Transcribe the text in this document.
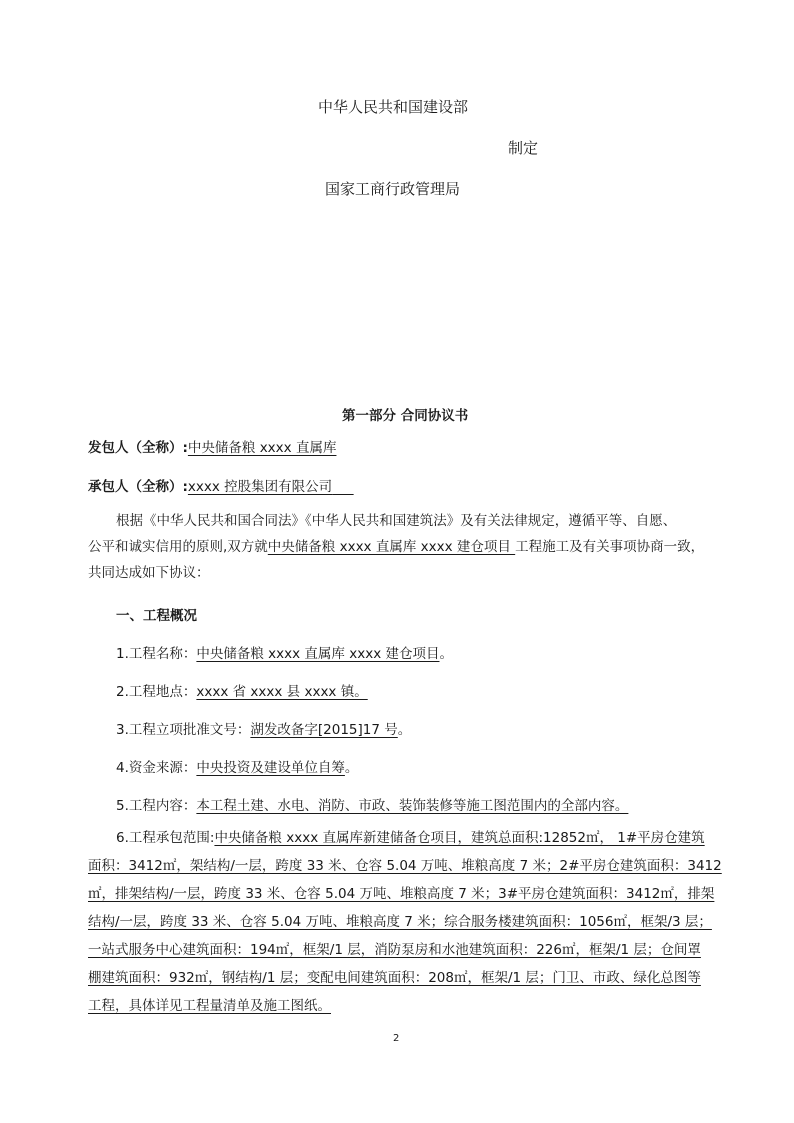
中华人民共和国建设部
制定
国家工商行政管理局
第一部分 合同协议书
发包人（全称）:中央储备粮 xxxx 直属库
承包人（全称）:xxxx 控股集团有限公司
根据《中华人民共和国合同法》《中华人民共和国建筑法》及有关法律规定，遵循平等、自愿、
公平和诚实信用的原则,双方就中央储备粮 xxxx 直属库 xxxx 建仓项目 工程施工及有关事项协商一致，
共同达成如下协议：
一、工程概况
1.工程名称：中央储备粮 xxxx 直属库 xxxx 建仓项目。
2.工程地点：xxxx 省 xxxx 县 xxxx 镇。
3.工程立项批准文号：湖发改备字[2015]17 号。
4.资金来源：中央投资及建设单位自筹。
5.工程内容：本工程土建、水电、消防、市政、装饰装修等施工图范围内的全部内容。
6.工程承包范围:中央储备粮 xxxx 直属库新建储备仓项目，建筑总面积:12852㎡， 1#平房仓建筑
面积：3412㎡，架结构/一层，跨度 33 米、仓容 5.04 万吨、堆粮高度 7 米；2#平房仓建筑面积：3412
㎡，排架结构/一层，跨度 33 米、仓容 5.04 万吨、堆粮高度 7 米；3#平房仓建筑面积：3412㎡，排架
结构/一层，跨度 33 米、仓容 5.04 万吨、堆粮高度 7 米；综合服务楼建筑面积：1056㎡，框架/3 层；
一站式服务中心建筑面积：194㎡，框架/1 层，消防泵房和水池建筑面积：226㎡，框架/1 层；仓间罩
棚建筑面积：932㎡，钢结构/1 层；变配电间建筑面积：208㎡，框架/1 层；门卫、市政、绿化总图等
工程，具体详见工程量清单及施工图纸。
2
